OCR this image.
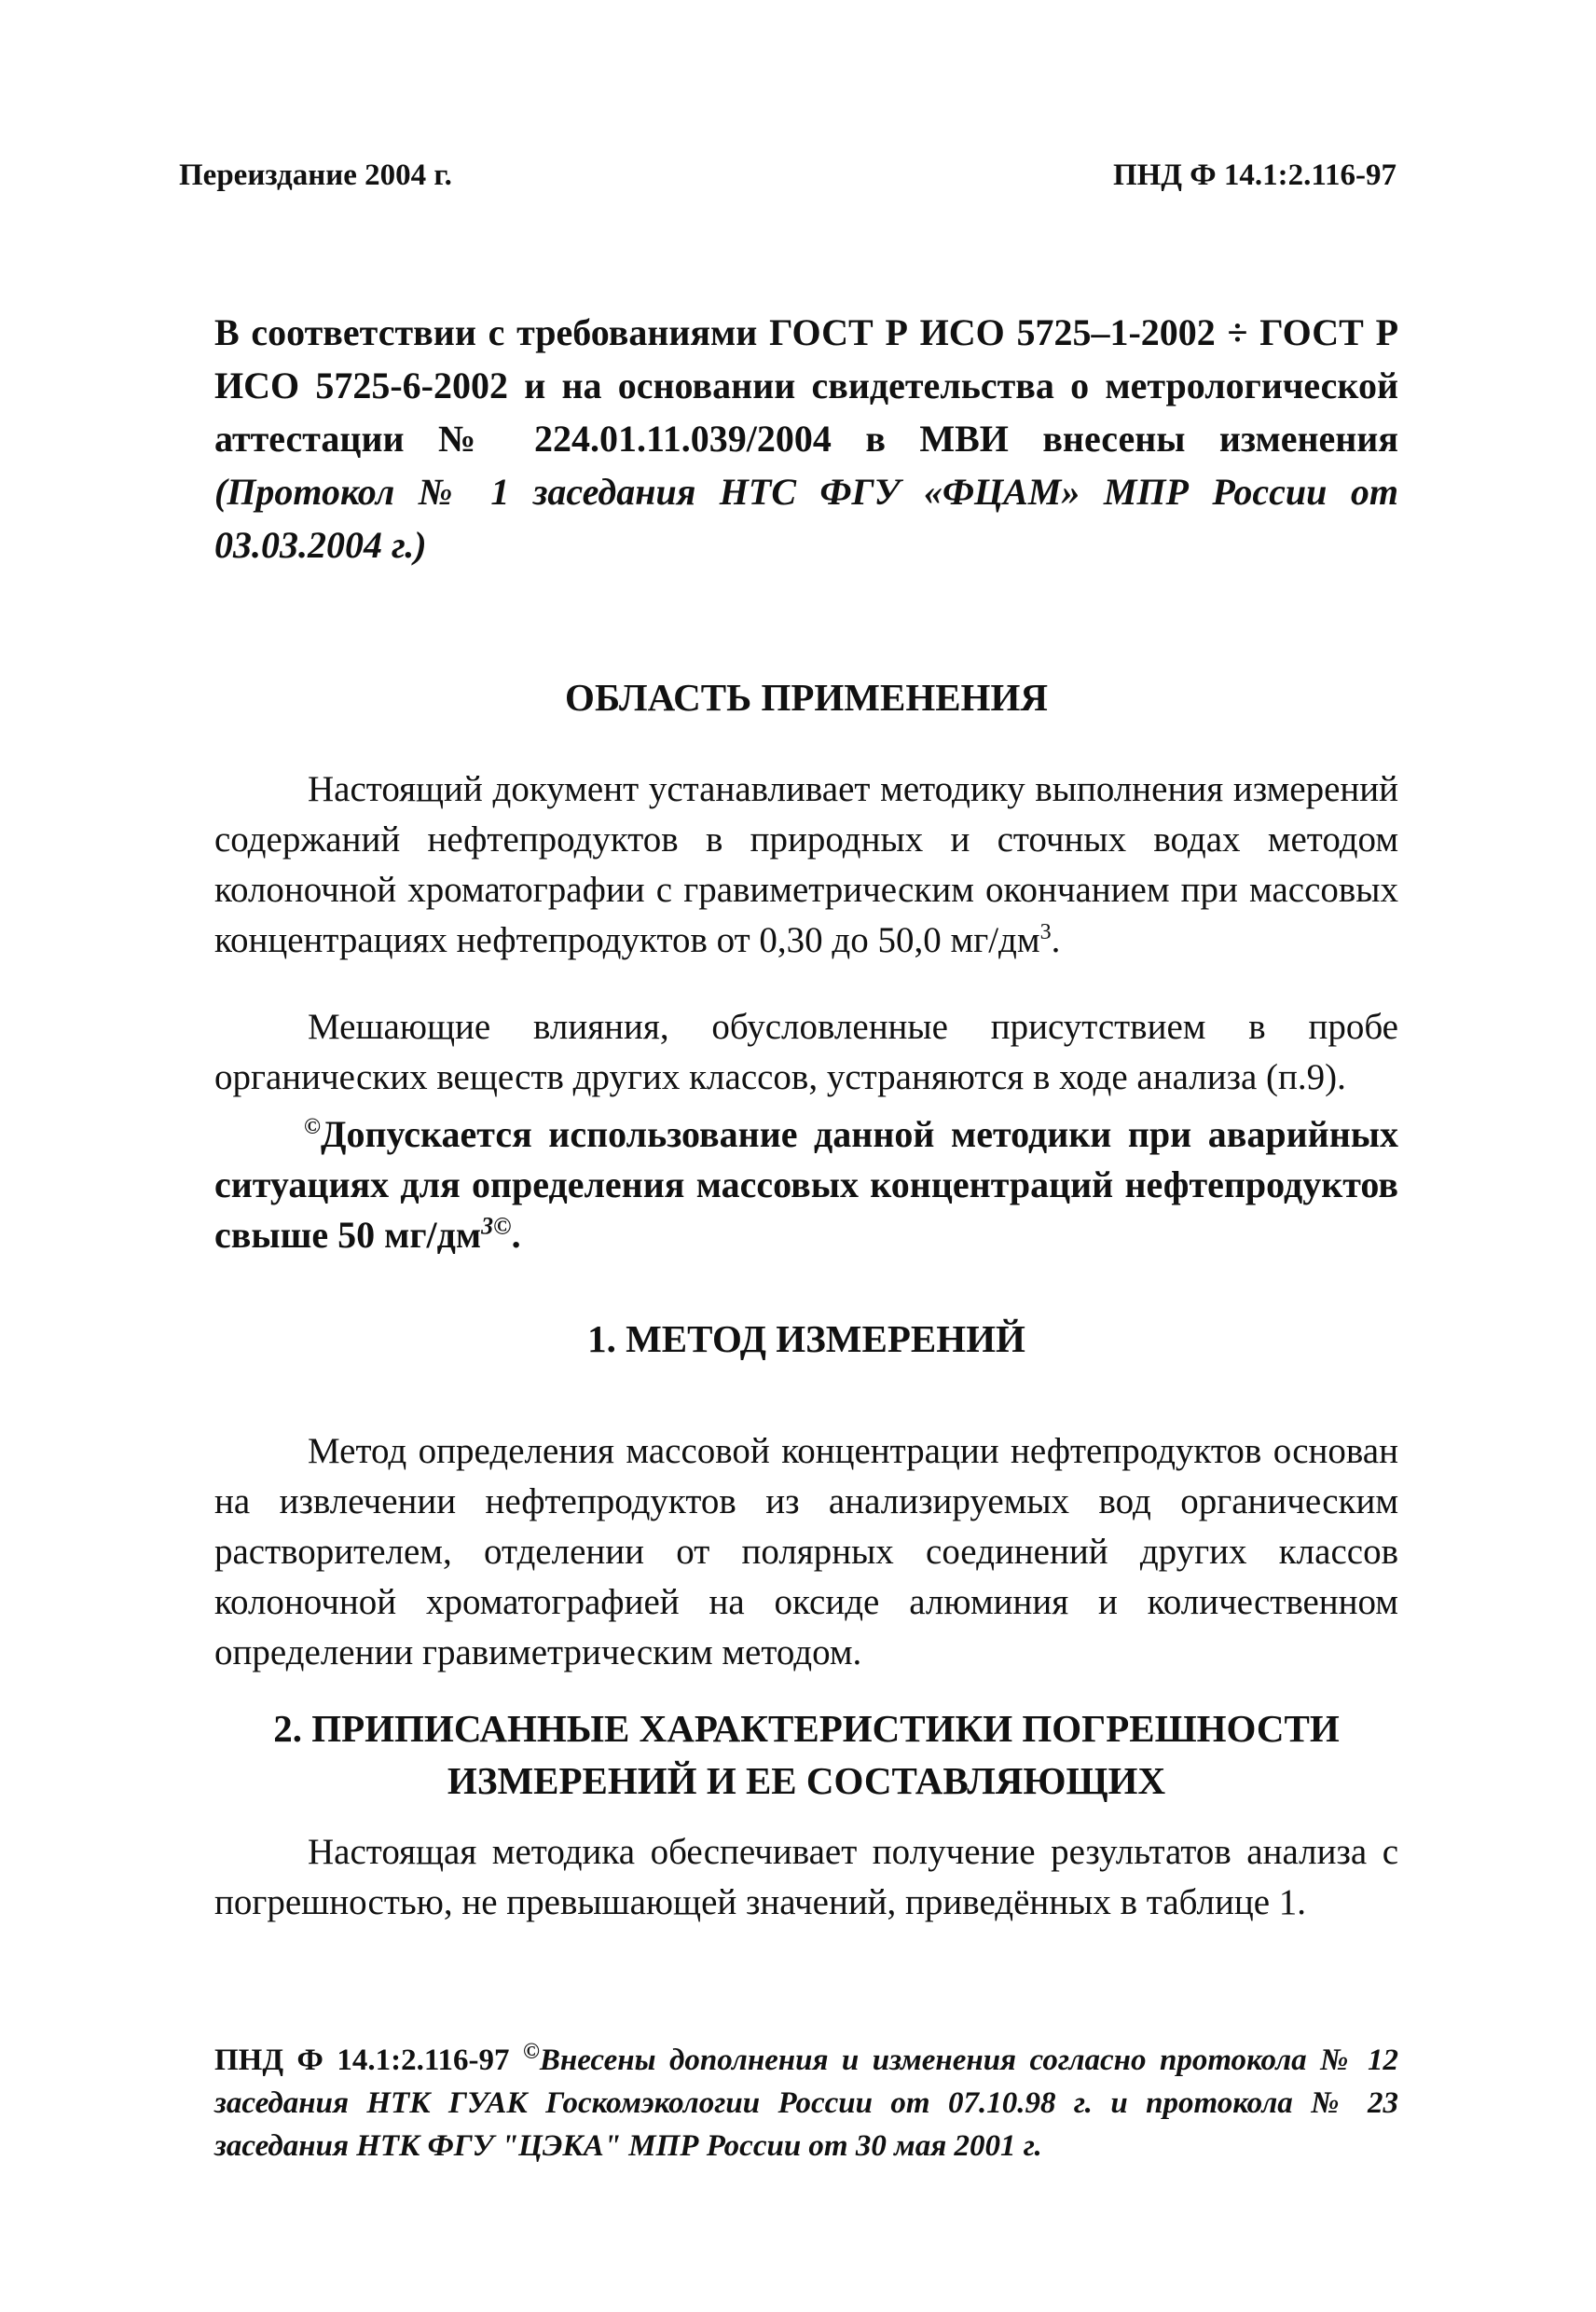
Переиздание 2004 г.	ПНД Ф 14.1:2.116-97
В соответствии с требованиями ГОСТ Р ИСО 5725–1-2002 ÷ ГОСТ Р ИСО 5725-6-2002 и на основании свидетельства о метрологической аттестации № 224.01.11.039/2004 в МВИ внесены изменения (Протокол № 1 заседания НТС ФГУ «ФЦАМ» МПР России от 03.03.2004 г.)
ОБЛАСТЬ ПРИМЕНЕНИЯ
Настоящий документ устанавливает методику выполнения измерений содержаний нефтепродуктов в природных и сточных водах методом колоночной хроматографии с гравиметрическим окончанием при массовых концентрациях нефтепродуктов от 0,30 до 50,0 $мг/дм^3$.
Мешающие влияния, обусловленные присутствием в пробе органических веществ других классов, устраняются в ходе анализа (п.9).
©Допускается использование данной методики при аварийных ситуациях для определения массовых концентраций нефтепродуктов свыше 50 $мг/дм^{3©}$.
1. МЕТОД ИЗМЕРЕНИЙ
Метод определения массовой концентрации нефтепродуктов основан на извлечении нефтепродуктов из анализируемых вод органическим растворителем, отделении от полярных соединений других классов колоночной хроматографией на оксиде алюминия и количественном определении гравиметрическим методом.
2. ПРИПИСАННЫЕ ХАРАКТЕРИСТИКИ ПОГРЕШНОСТИ
ИЗМЕРЕНИЙ И ЕЕ СОСТАВЛЯЮЩИХ
Настоящая методика обеспечивает получение результатов анализа с погрешностью, не превышающей значений, приведённых в таблице 1.
ПНД Ф 14.1:2.116-97 ©Внесены дополнения и изменения согласно протокола № 12 заседания НТК ГУАК Госкомэкологии России от 07.10.98 г. и протокола № 23 заседания НТК ФГУ "ЦЭКА" МПР России от 30 мая 2001 г.
